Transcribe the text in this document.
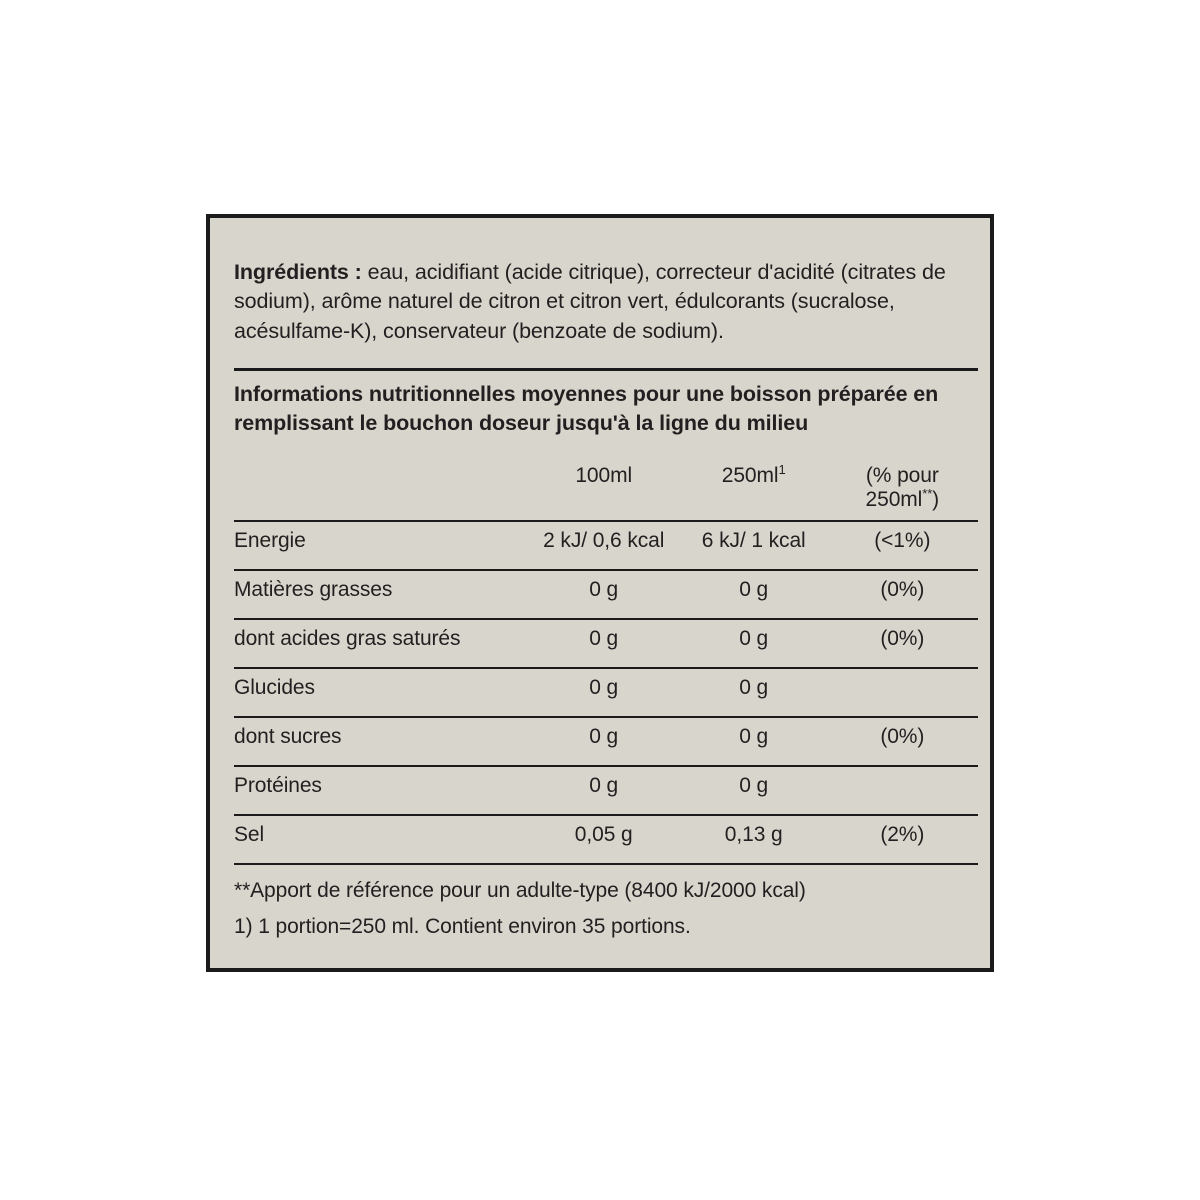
Ingrédients : eau, acidifiant (acide citrique), correcteur d'acidité (citrates de sodium), arôme naturel de citron et citron vert, édulcorants (sucralose, acésulfame-K), conservateur (benzoate de sodium).

Informations nutritionnelles moyennes pour une boisson préparée en remplissant le bouchon doseur jusqu'à la ligne du milieu

	100ml	$250ml^1$	(% pour 250ml**)
Energie	2 kJ/ 0,6 kcal	6 kJ/ 1 kcal	(<1%)
Matières grasses	0 g	0 g	(0%)
dont acides gras saturés	0 g	0 g	(0%)
Glucides	0 g	0 g	
dont sucres	0 g	0 g	(0%)
Protéines	0 g	0 g	
Sel	0,05 g	0,13 g	(2%)
**Apport de référence pour un adulte-type (8400 kJ/2000 kcal)
1) 1 portion=250 ml. Contient environ 35 portions.
